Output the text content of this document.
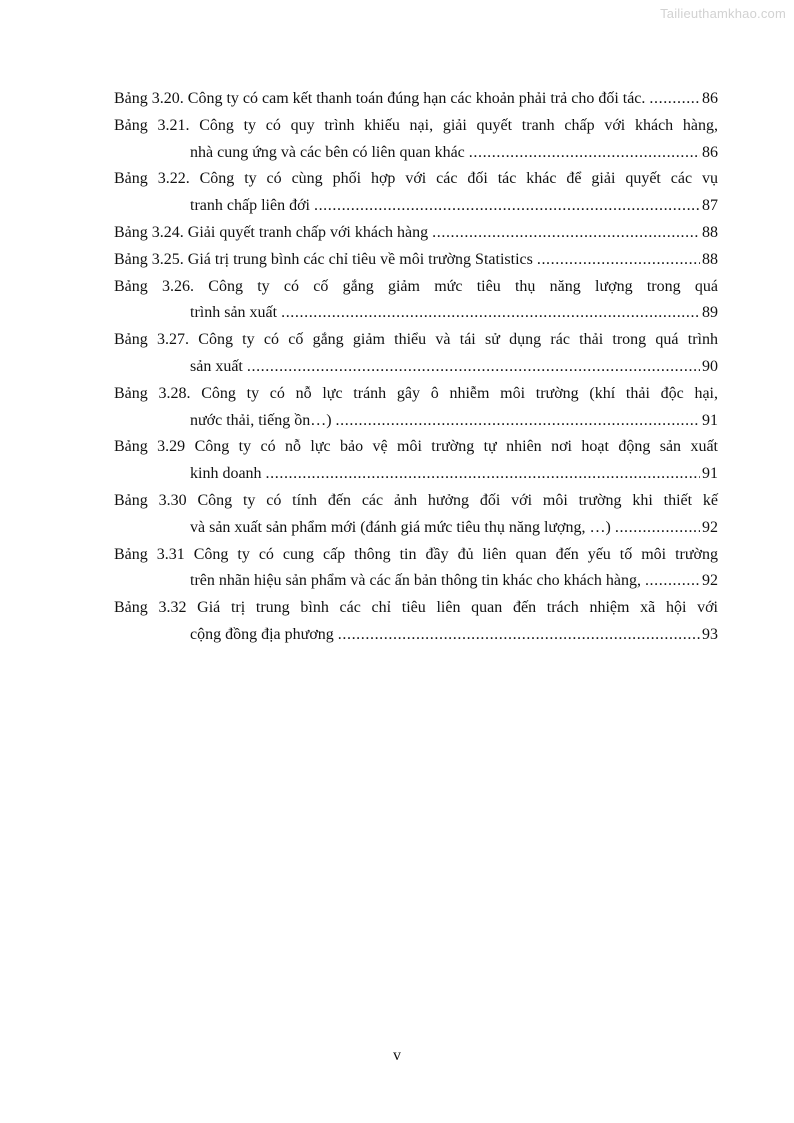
Tailieuthamkhao.com
Bảng 3.20. Công ty có cam kết thanh toán đúng hạn các khoản phải trả cho đối tác. .....	86
Bảng 3.21. Công ty có quy trình khiếu nại, giải quyết tranh chấp với khách hàng,
nhà cung ứng và các bên có liên quan khác .....	86
Bảng 3.22. Công ty có cùng phối hợp với các đối tác khác để giải quyết các vụ
tranh chấp liên đới .....	87
Bảng 3.24. Giải quyết tranh chấp với khách hàng .....	88
Bảng 3.25. Giá trị trung bình các chỉ tiêu về môi trường Statistics .....	88
Bảng 3.26. Công ty có cố gắng giảm mức tiêu thụ năng lượng trong quá
trình sản xuất .....	89
Bảng 3.27. Công ty có cố gắng giảm thiểu và tái sử dụng rác thải trong quá trình
sản xuất .....	90
Bảng 3.28. Công ty có nỗ lực tránh gây ô nhiễm môi trường (khí thải độc hại,
nước thải, tiếng ồn…) .....	91
Bảng 3.29 Công ty có nỗ lực bảo vệ môi trường tự nhiên nơi hoạt động sản xuất
kinh doanh .....	91
Bảng 3.30 Công ty có tính đến các ảnh hưởng đối với môi trường khi thiết kế
và sản xuất sản phẩm mới (đánh giá mức tiêu thụ năng lượng, …) .....	92
Bảng 3.31 Công ty có cung cấp thông tin đầy đủ liên quan đến yếu tố môi trường
trên nhãn hiệu sản phẩm và các ấn bản thông tin khác cho khách hàng, .....	92
Bảng 3.32 Giá trị trung bình các chỉ tiêu liên quan đến trách nhiệm xã hội với
cộng đồng địa phương .....	93
v
